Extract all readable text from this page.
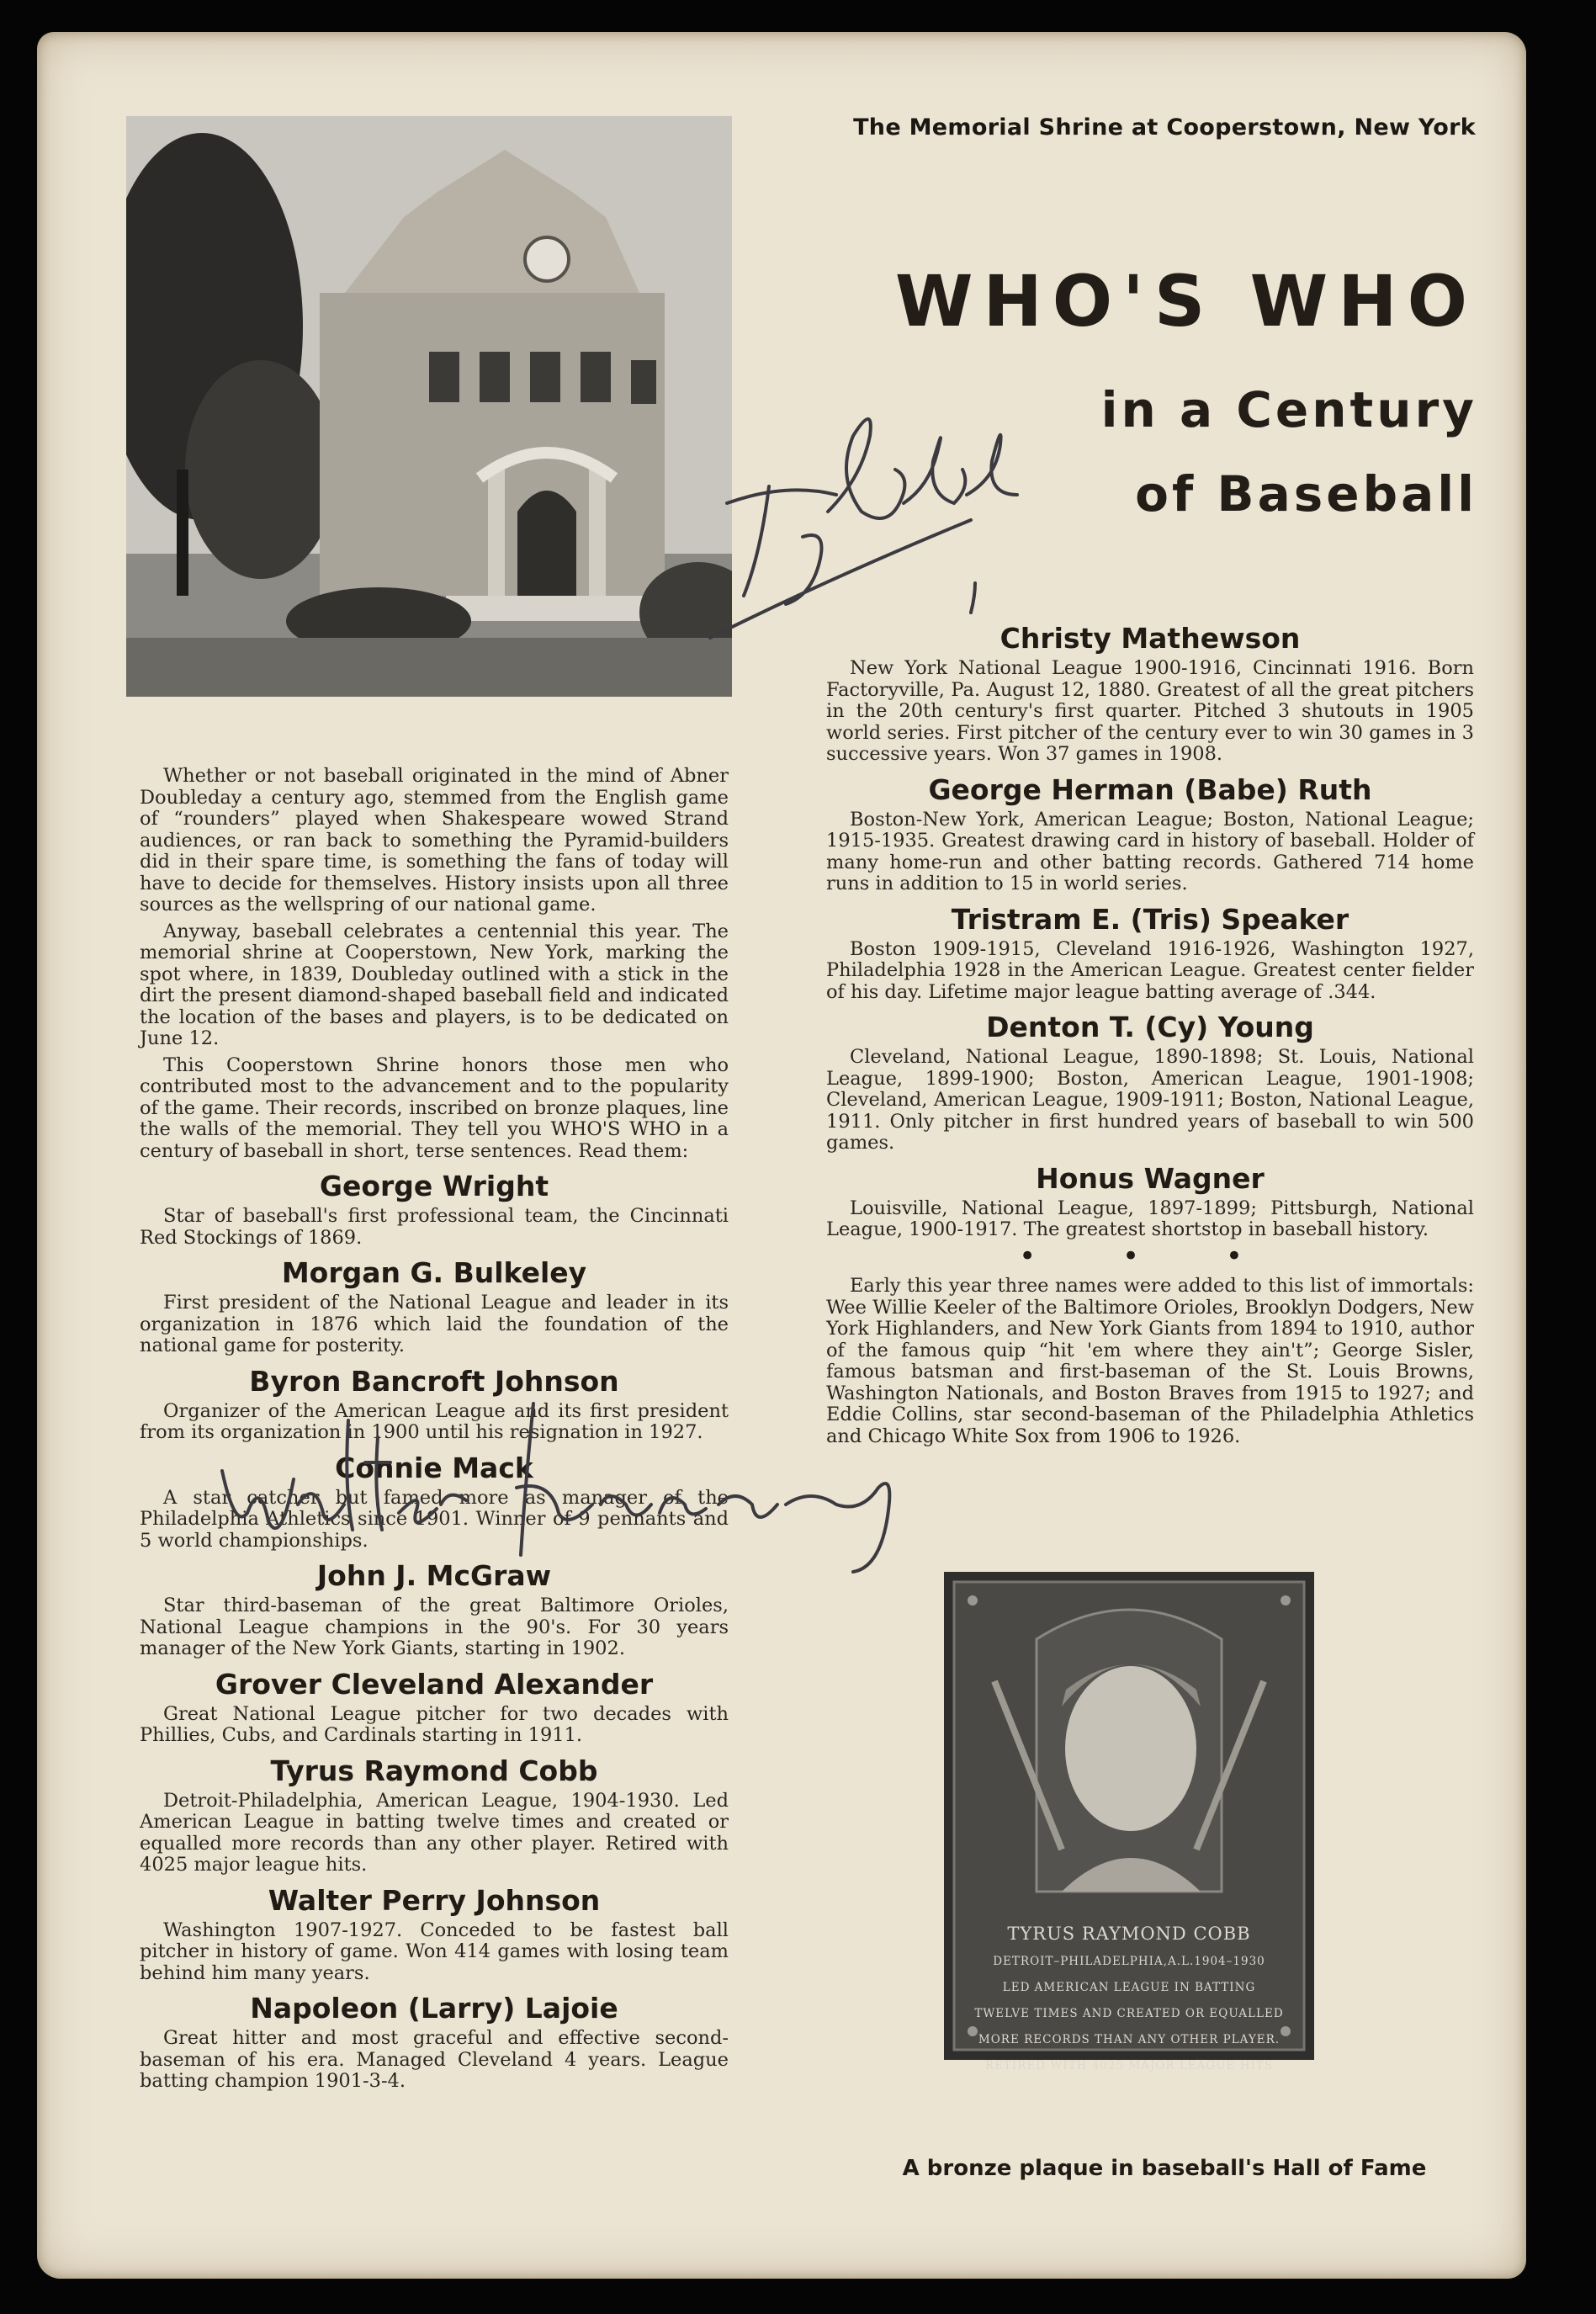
The Memorial Shrine at Cooperstown, New York
WHO'S WHO
in a Century
of Baseball

Whether or not baseball originated in the mind of Abner Doubleday a century ago, stemmed from the English game of “rounders” played when Shakespeare wowed Strand audiences, or ran back to something the Pyramid-builders did in their spare time, is something the fans of today will have to decide for themselves. History insists upon all three sources as the wellspring of our national game.

Anyway, baseball celebrates a centennial this year. The memorial shrine at Cooperstown, New York, marking the spot where, in 1839, Doubleday outlined with a stick in the dirt the present diamond-shaped baseball field and indicated the location of the bases and players, is to be dedicated on June 12.

This Cooperstown Shrine honors those men who contributed most to the advancement and to the popularity of the game. Their records, inscribed on bronze plaques, line the walls of the memorial. They tell you WHO'S WHO in a century of baseball in short, terse sentences. Read them:

George Wright
Star of baseball's first professional team, the Cincinnati Red Stockings of 1869.
Morgan G. Bulkeley
First president of the National League and leader in its organization in 1876 which laid the foundation of the national game for posterity.
Byron Bancroft Johnson
Organizer of the American League and its first president from its organization in 1900 until his resignation in 1927.
Connie Mack
A star catcher but famed more as manager of the Philadelphia Athletics since 1901. Winner of 9 pennants and 5 world championships.
John J. McGraw
Star third-baseman of the great Baltimore Orioles, National League champions in the 90's. For 30 years manager of the New York Giants, starting in 1902.
Grover Cleveland Alexander
Great National League pitcher for two decades with Phillies, Cubs, and Cardinals starting in 1911.
Tyrus Raymond Cobb
Detroit-Philadelphia, American League, 1904-1930. Led American League in batting twelve times and created or equalled more records than any other player. Retired with 4025 major league hits.
Walter Perry Johnson
Washington 1907-1927. Conceded to be fastest ball pitcher in history of game. Won 414 games with losing team behind him many years.
Napoleon (Larry) Lajoie
Great hitter and most graceful and effective second-baseman of his era. Managed Cleveland 4 years. League batting champion 1901-3-4.
Christy Mathewson
New York National League 1900-1916, Cincinnati 1916. Born Factoryville, Pa. August 12, 1880. Greatest of all the great pitchers in the 20th century's first quarter. Pitched 3 shutouts in 1905 world series. First pitcher of the century ever to win 30 games in 3 successive years. Won 37 games in 1908.
George Herman (Babe) Ruth
Boston-New York, American League; Boston, National League; 1915-1935. Greatest drawing card in history of baseball. Holder of many home-run and other batting records. Gathered 714 home runs in addition to 15 in world series.
Tristram E. (Tris) Speaker
Boston 1909-1915, Cleveland 1916-1926, Washington 1927, Philadelphia 1928 in the American League. Greatest center fielder of his day. Lifetime major league batting average of .344.
Denton T. (Cy) Young
Cleveland, National League, 1890-1898; St. Louis, National League, 1899-1900; Boston, American League, 1901-1908; Cleveland, American League, 1909-1911; Boston, National League, 1911. Only pitcher in first hundred years of baseball to win 500 games.
Honus Wagner
Louisville, National League, 1897-1899; Pittsburgh, National League, 1900-1917. The greatest shortstop in baseball history.
• • •

Early this year three names were added to this list of immortals: Wee Willie Keeler of the Baltimore Orioles, Brooklyn Dodgers, New York Highlanders, and New York Giants from 1894 to 1910, author of the famous quip “hit 'em where they ain't”; George Sisler, famous batsman and first-baseman of the St. Louis Browns, Washington Nationals, and Boston Braves from 1915 to 1927; and Eddie Collins, star second-baseman of the Philadelphia Athletics and Chicago White Sox from 1906 to 1926.

TYRUS RAYMOND COBB
DETROIT–PHILADELPHIA,A.L.1904–1930
LED AMERICAN LEAGUE IN BATTING
TWELVE TIMES AND CREATED OR EQUALLED
MORE RECORDS THAN ANY OTHER PLAYER.
RETIRED WITH 4025 MAJOR LEAGUE HITS
A bronze plaque in baseball's Hall of Fame
